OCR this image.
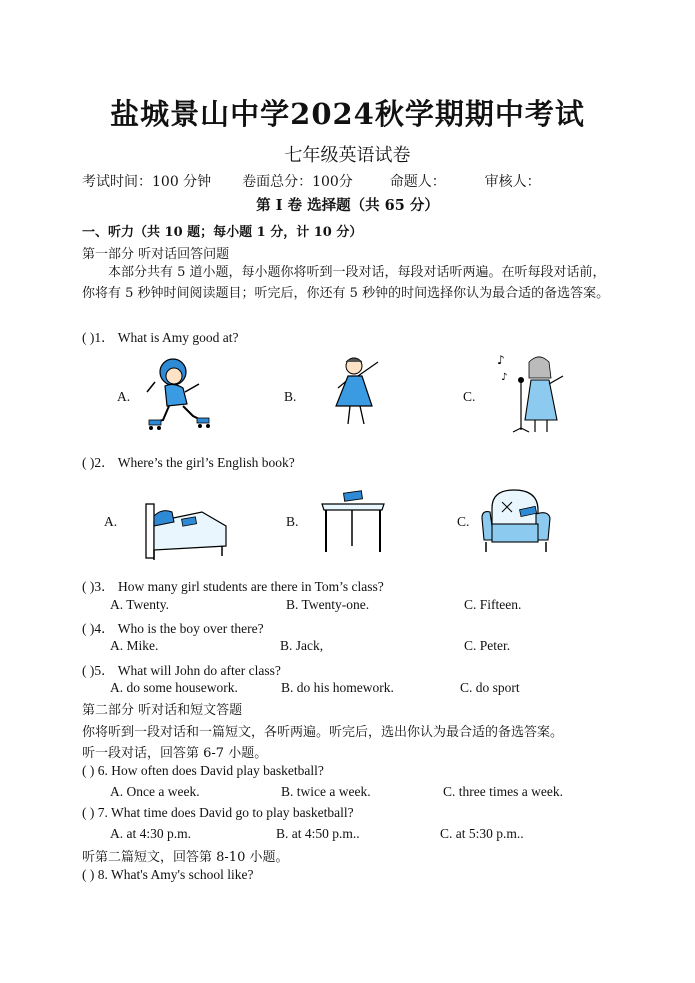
盐城景山中学2024秋学期期中考试
七年级英语试卷
考试时间：100 分钟 卷面总分：100分	命题人：	审核人：
第 I 卷 选择题（共 65 分）
一、听力（共 10 题；每小题 1 分，计 10 分）
第一部分 听对话回答问题
本部分共有 5 道小题，每小题你将听到一段对话，每段对话听两遍。在听每段对话前，你将有 5 秒钟时间阅读题目；听完后，你还有 5 秒钟的时间选择你认为最合适的备选答案。
( )1． What is Amy good at?
A.	B.	C.
♪
♪
( )2． Where’s the girl’s English book?
A.	B.	C.
( )3． How many girl students are there in Tom’s class?
A. Twenty.	B. Twenty-one.	C. Fifteen.
( )4． Who is the boy over there?
A. Mike.	B. Jack,	C. Peter.
( )5． What will John do after class?
A. do some housework.	B. do his homework.	C. do sport
第二部分 听对话和短文答题
你将听到一段对话和一篇短文，各听两遍。听完后，选出你认为最合适的备选答案。
听一段对话，回答第 6-7 小题。
( ) 6. How often does David play basketball?
A. Once a week.	B. twice a week.	C. three times a week.
( ) 7. What time does David go to play basketball?
A. at 4:30 p.m.	B. at 4:50 p.m..	C. at 5:30 p.m..
听第二篇短文，回答第 8-10 小题。
( ) 8. What's Amy's school like?
